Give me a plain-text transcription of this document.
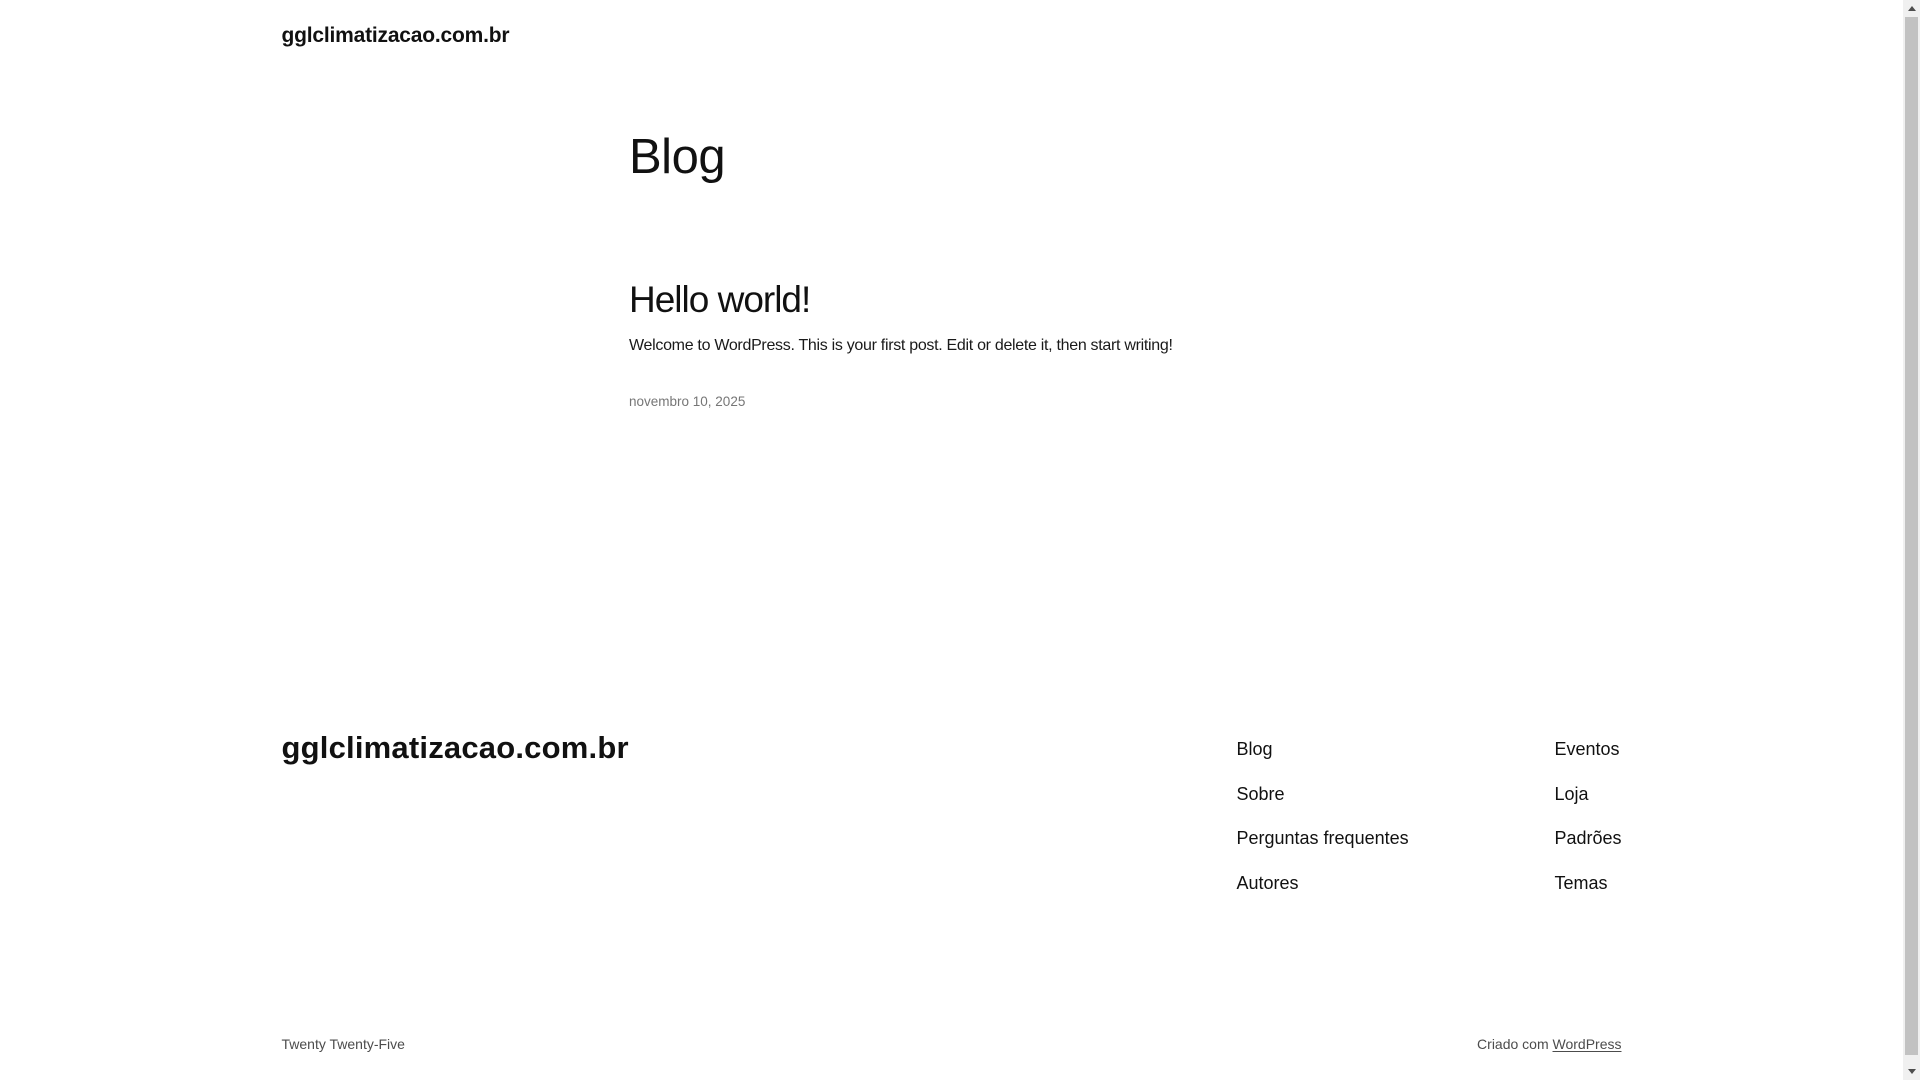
gglclimatizacao.com.br
Blog
Hello world!

Welcome to WordPress. This is your first post. Edit or delete it, then start writing!

novembro 10, 2025
gglclimatizacao.com.br	Blog
Sobre
Perguntas frequentes
Autores
Eventos
Loja
Padrões
Temas
Twenty Twenty-Five	Criado com WordPress
